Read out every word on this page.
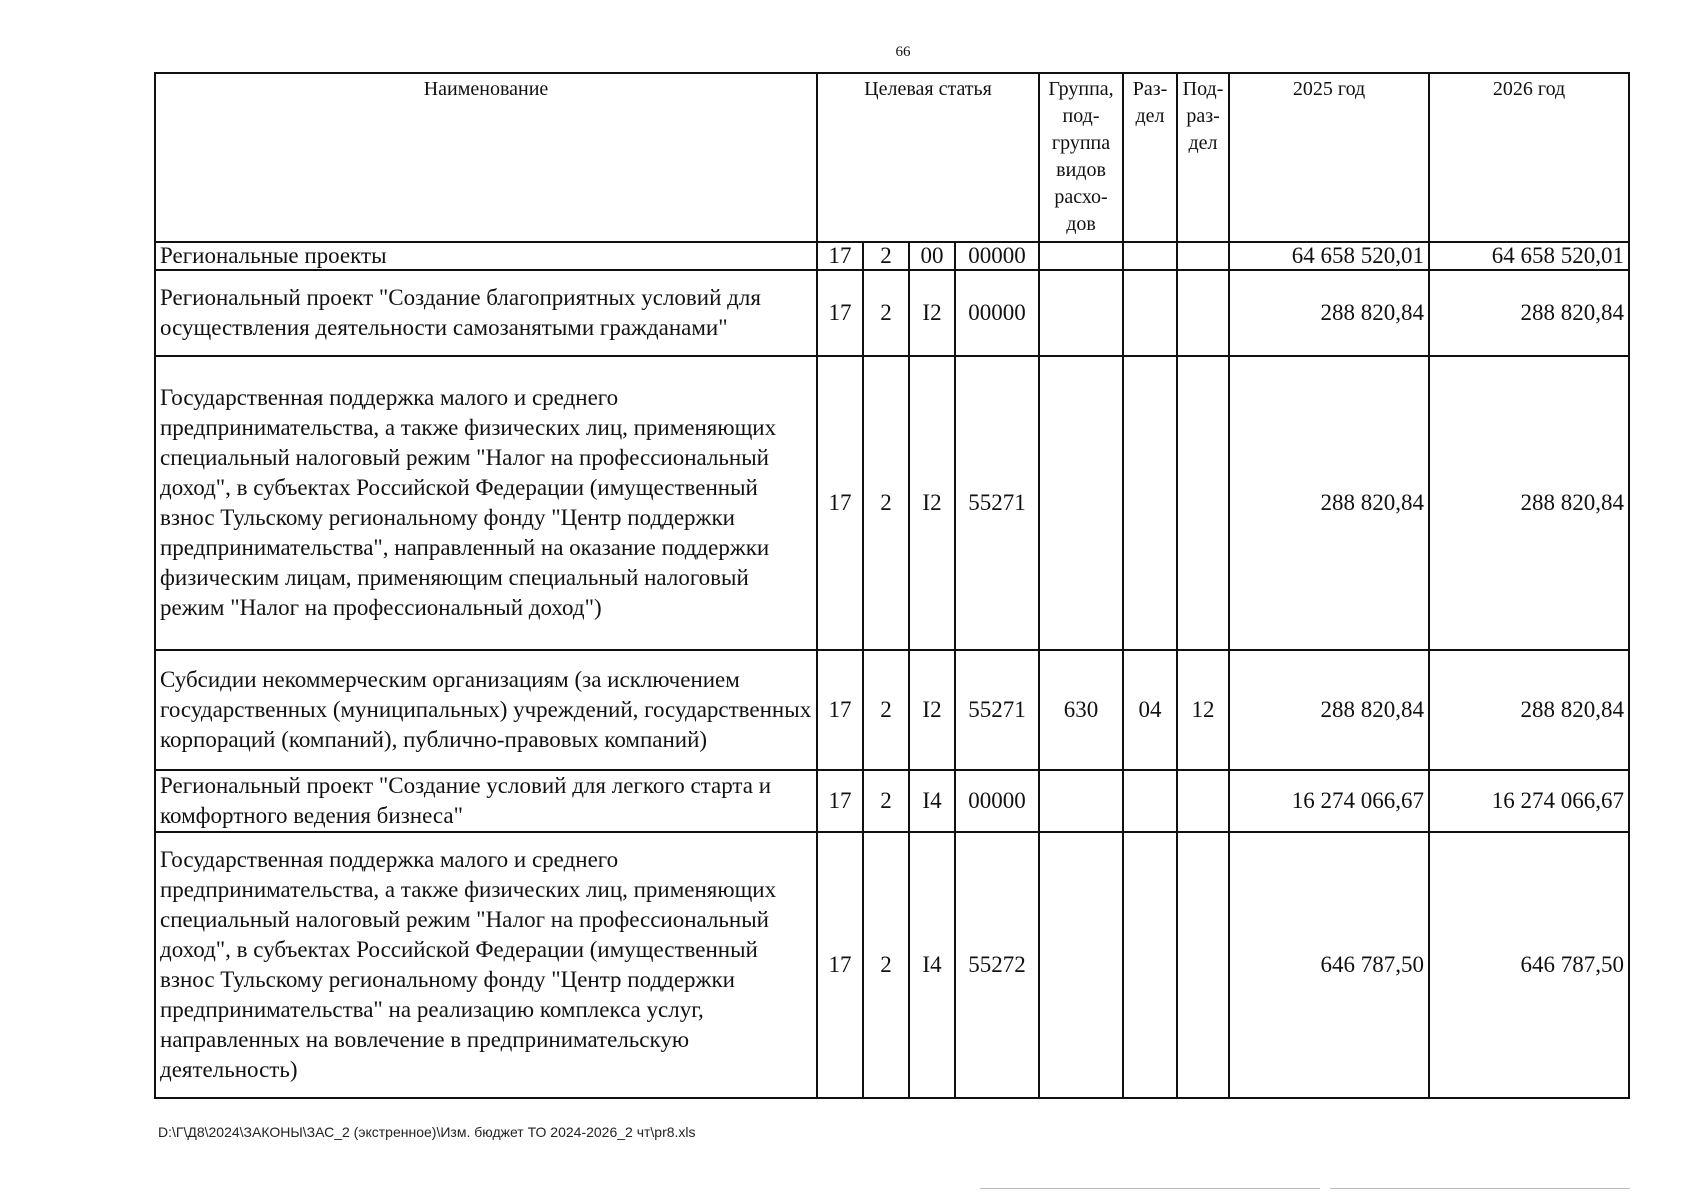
66
Наименование	Целевая статья				Группа, под-группа видов расхо-дов	Раз-дел	Под-раз-дел	2025 год	2026 год
Региональные проекты	17	2	00	00000				64 658 520,01	64 658 520,01
Региональный проект "Создание благоприятных условий для осуществления деятельности самозанятыми гражданами"	17	2	I2	00000				288 820,84	288 820,84
Государственная поддержка малого и среднего предпринимательства, а также физических лиц, применяющих специальный налоговый режим "Налог на профессиональный доход", в субъектах Российской Федерации (имущественный взнос Тульскому региональному фонду "Центр поддержки предпринимательства", направленный на оказание поддержки физическим лицам, применяющим специальный налоговый режим "Налог на профессиональный доход")	17	2	I2	55271				288 820,84	288 820,84
Субсидии некоммерческим организациям (за исключением государственных (муниципальных) учреждений, государственных корпораций (компаний), публично-правовых компаний)	17	2	I2	55271	630	04	12	288 820,84	288 820,84
Региональный проект "Создание условий для легкого старта и комфортного ведения бизнеса"	17	2	I4	00000				16 274 066,67	16 274 066,67
Государственная поддержка малого и среднего предпринимательства, а также физических лиц, применяющих специальный налоговый режим "Налог на профессиональный доход", в субъектах Российской Федерации (имущественный взнос Тульскому региональному фонду "Центр поддержки предпринимательства" на реализацию комплекса услуг, направленных на вовлечение в предпринимательскую деятельность)	17	2	I4	55272				646 787,50	646 787,50
D:\Г\Д8\2024\ЗАКОНЫ\ЗАС_2 (экстренное)\Изм. бюджет ТО 2024-2026_2 чт\pr8.xls
